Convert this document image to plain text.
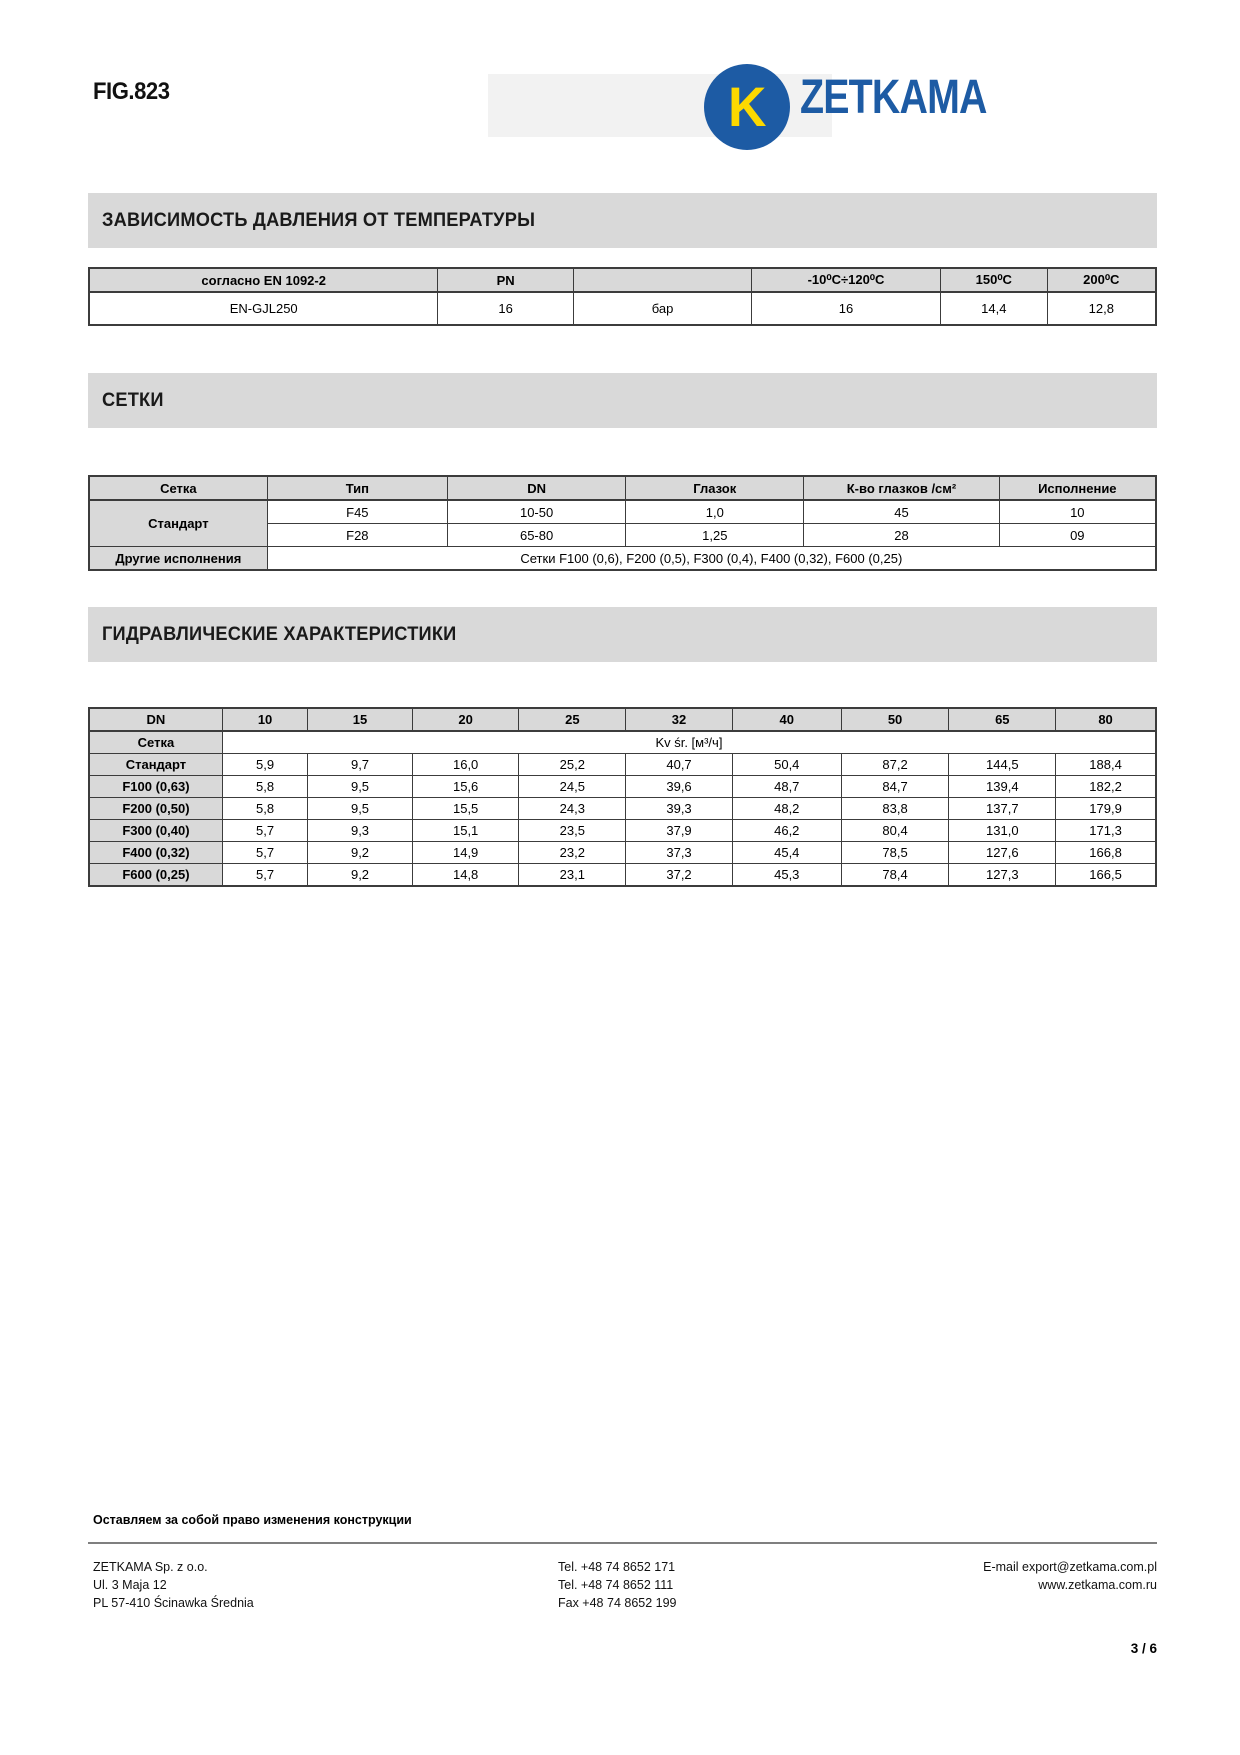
FIG.823	K ZETKAMA
ЗАВИСИМОСТЬ ДАВЛЕНИЯ ОТ ТЕМПЕРАТУРЫ
согласно EN 1092-2	PN		-10⁰C÷120⁰C	150⁰C	200⁰C
EN-GJL250	16	бар	16	14,4	12,8
СЕТКИ
Сетка	Тип	DN	Глазок	К-во глазков /см²	Исполнение
Стандарт	F45	10-50	1,0	45	10
	F28	65-80	1,25	28	09
Другие исполнения	Сетки F100 (0,6), F200 (0,5), F300 (0,4), F400 (0,32), F600 (0,25)				
ГИДРАВЛИЧЕСКИЕ ХАРАКТЕРИСТИКИ
DN	10	15	20	25	32	40	50	65	80
Сетка	Kv śr. [м³/ч]								
Стандарт	5,9	9,7	16,0	25,2	40,7	50,4	87,2	144,5	188,4
F100 (0,63)	5,8	9,5	15,6	24,5	39,6	48,7	84,7	139,4	182,2
F200 (0,50)	5,8	9,5	15,5	24,3	39,3	48,2	83,8	137,7	179,9
F300 (0,40)	5,7	9,3	15,1	23,5	37,9	46,2	80,4	131,0	171,3
F400 (0,32)	5,7	9,2	14,9	23,2	37,3	45,4	78,5	127,6	166,8
F600 (0,25)	5,7	9,2	14,8	23,1	37,2	45,3	78,4	127,3	166,5
Оставляем за собой право изменения конструкции
ZETKAMA Sp. z o.o.
Ul. 3 Maja 12
PL 57-410 Ścinawka Średnia
Tel. +48 74 8652 171
Tel. +48 74 8652 111
Fax +48 74 8652 199
E-mail export@zetkama.com.pl
www.zetkama.com.ru
3 / 6
